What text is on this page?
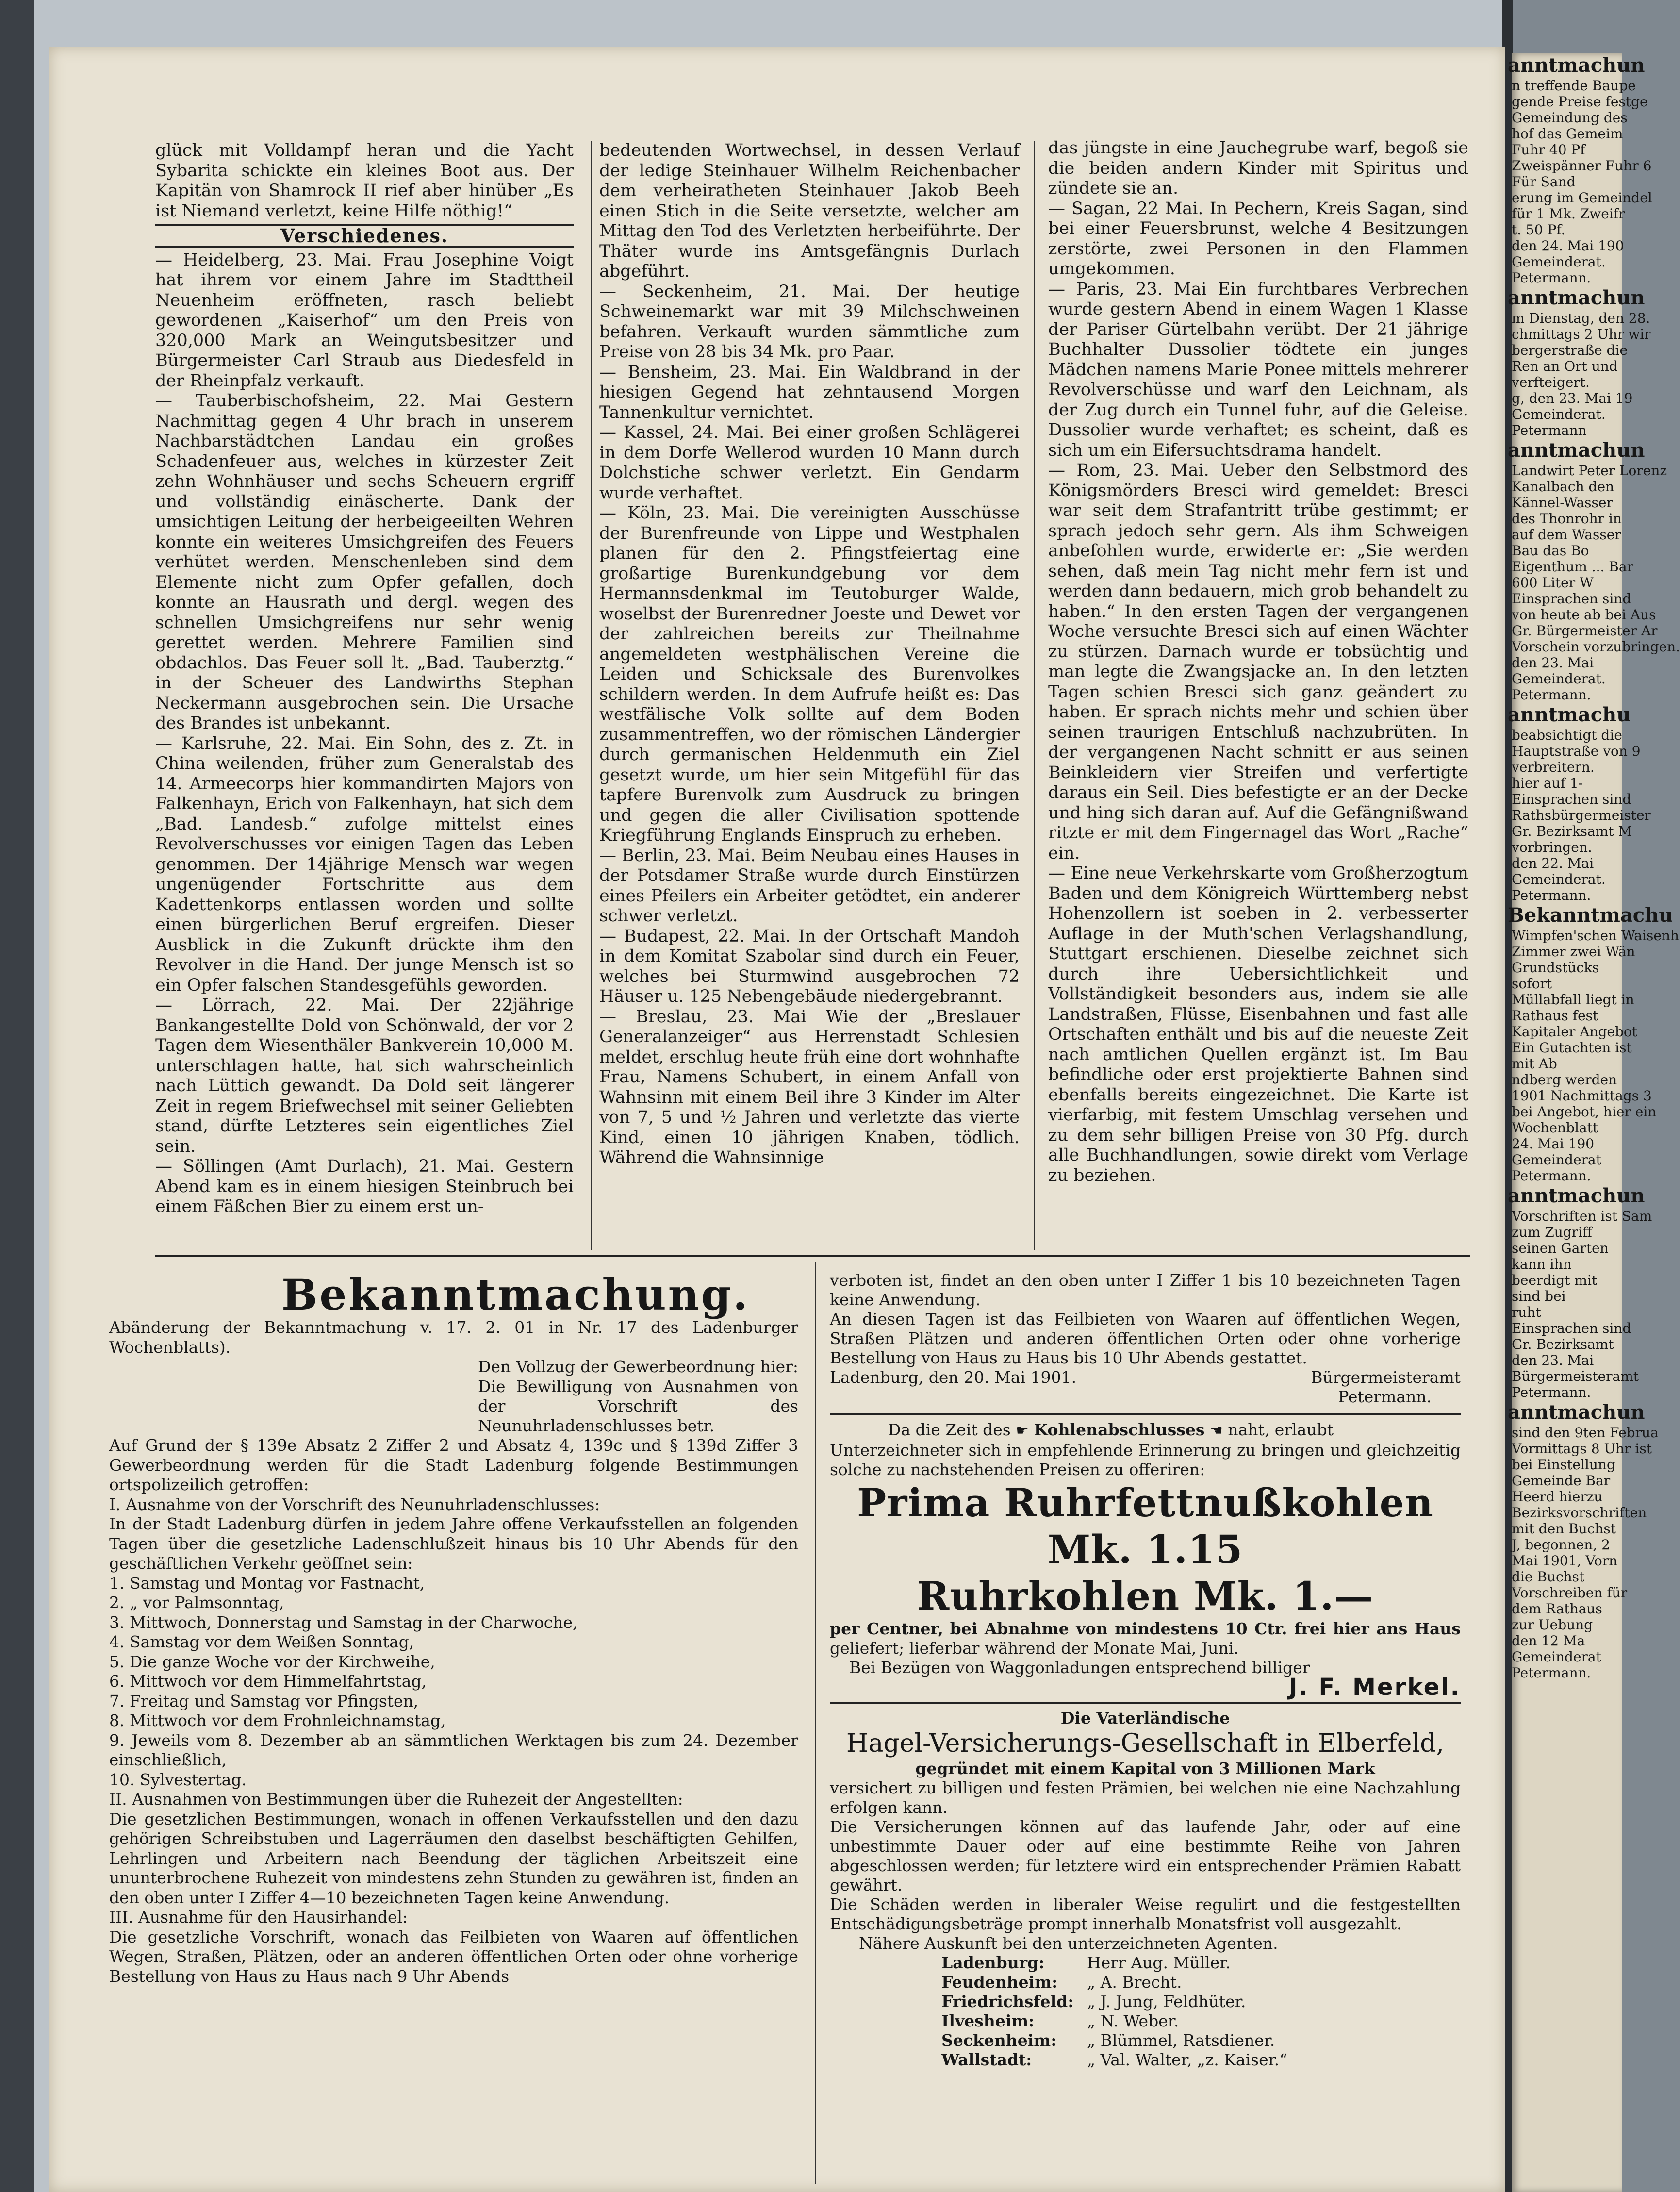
glück mit Volldampf heran und die Yacht Sybarita schickte ein kleines Boot aus. Der Kapitän von Shamrock II rief aber hinüber „Es ist Niemand verletzt, keine Hilfe nöthig!“

Verschiedenes.

— Heidelberg, 23. Mai. Frau Josephine Voigt hat ihrem vor einem Jahre im Stadttheil Neuenheim eröffneten, rasch beliebt gewordenen „Kaiserhof“ um den Preis von 320,000 Mark an Weingutsbesitzer und Bürgermeister Carl Straub aus Diedesfeld in der Rheinpfalz verkauft.

— Tauberbischofsheim, 22. Mai Gestern Nachmittag gegen 4 Uhr brach in unserem Nachbarstädtchen Landau ein großes Schadenfeuer aus, welches in kürzester Zeit zehn Wohnhäuser und sechs Scheuern ergriff und vollständig einäscherte. Dank der umsichtigen Leitung der herbeigeeilten Wehren konnte ein weiteres Umsichgreifen des Feuers verhütet werden. Menschenleben sind dem Elemente nicht zum Opfer gefallen, doch konnte an Hausrath und dergl. wegen des schnellen Umsichgreifens nur sehr wenig gerettet werden. Mehrere Familien sind obdachlos. Das Feuer soll lt. „Bad. Tauberztg.“ in der Scheuer des Landwirths Stephan Neckermann ausgebrochen sein. Die Ursache des Brandes ist unbekannt.

— Karlsruhe, 22. Mai. Ein Sohn, des z. Zt. in China weilenden, früher zum Generalstab des 14. Armeecorps hier kommandirten Majors von Falkenhayn, Erich von Falkenhayn, hat sich dem „Bad. Landesb.“ zufolge mittelst eines Revolverschusses vor einigen Tagen das Leben genommen. Der 14jährige Mensch war wegen ungenügender Fortschritte aus dem Kadettenkorps entlassen worden und sollte einen bürgerlichen Beruf ergreifen. Dieser Ausblick in die Zukunft drückte ihm den Revolver in die Hand. Der junge Mensch ist so ein Opfer falschen Standesgefühls geworden.

— Lörrach, 22. Mai. Der 22jährige Bankangestellte Dold von Schönwald, der vor 2 Tagen dem Wiesenthäler Bankverein 10,000 M. unterschlagen hatte, hat sich wahrscheinlich nach Lüttich gewandt. Da Dold seit längerer Zeit in regem Briefwechsel mit seiner Geliebten stand, dürfte Letzteres sein eigentliches Ziel sein.

— Söllingen (Amt Durlach), 21. Mai. Gestern Abend kam es in einem hiesigen Steinbruch bei einem Fäßchen Bier zu einem erst un-

bedeutenden Wortwechsel, in dessen Verlauf der ledige Steinhauer Wilhelm Reichenbacher dem verheiratheten Steinhauer Jakob Beeh einen Stich in die Seite versetzte, welcher am Mittag den Tod des Verletzten herbeiführte. Der Thäter wurde ins Amtsgefängnis Durlach abgeführt.

— Seckenheim, 21. Mai. Der heutige Schweinemarkt war mit 39 Milchschweinen befahren. Verkauft wurden sämmtliche zum Preise von 28 bis 34 Mk. pro Paar.

— Bensheim, 23. Mai. Ein Waldbrand in der hiesigen Gegend hat zehntausend Morgen Tannenkultur vernichtet.

— Kassel, 24. Mai. Bei einer großen Schlägerei in dem Dorfe Wellerod wurden 10 Mann durch Dolchstiche schwer verletzt. Ein Gendarm wurde verhaftet.

— Köln, 23. Mai. Die vereinigten Ausschüsse der Burenfreunde von Lippe und Westphalen planen für den 2. Pfingstfeiertag eine großartige Burenkundgebung vor dem Hermannsdenkmal im Teutoburger Walde, woselbst der Burenredner Joeste und Dewet vor der zahlreichen bereits zur Theilnahme angemeldeten westphälischen Vereine die Leiden und Schicksale des Burenvolkes schildern werden. In dem Aufrufe heißt es: Das westfälische Volk sollte auf dem Boden zusammentreffen, wo der römischen Ländergier durch germanischen Heldenmuth ein Ziel gesetzt wurde, um hier sein Mitgefühl für das tapfere Burenvolk zum Ausdruck zu bringen und gegen die aller Civilisation spottende Kriegführung Englands Einspruch zu erheben.

— Berlin, 23. Mai. Beim Neubau eines Hauses in der Potsdamer Straße wurde durch Einstürzen eines Pfeilers ein Arbeiter getödtet, ein anderer schwer verletzt.

— Budapest, 22. Mai. In der Ortschaft Mandoh in dem Komitat Szabolar sind durch ein Feuer, welches bei Sturmwind ausgebrochen 72 Häuser u. 125 Nebengebäude niedergebrannt.

— Breslau, 23. Mai Wie der „Breslauer Generalanzeiger“ aus Herrenstadt Schlesien meldet, erschlug heute früh eine dort wohnhafte Frau, Namens Schubert, in einem Anfall von Wahnsinn mit einem Beil ihre 3 Kinder im Alter von 7, 5 und ½ Jahren und verletzte das vierte Kind, einen 10 jährigen Knaben, tödlich. Während die Wahnsinnige

das jüngste in eine Jauchegrube warf, begoß sie die beiden andern Kinder mit Spiritus und zündete sie an.

— Sagan, 22 Mai. In Pechern, Kreis Sagan, sind bei einer Feuersbrunst, welche 4 Besitzungen zerstörte, zwei Personen in den Flammen umgekommen.

— Paris, 23. Mai Ein furchtbares Verbrechen wurde gestern Abend in einem Wagen 1 Klasse der Pariser Gürtelbahn verübt. Der 21 jährige Buchhalter Dussolier tödtete ein junges Mädchen namens Marie Ponee mittels mehrerer Revolverschüsse und warf den Leichnam, als der Zug durch ein Tunnel fuhr, auf die Geleise. Dussolier wurde verhaftet; es scheint, daß es sich um ein Eifersuchtsdrama handelt.

— Rom, 23. Mai. Ueber den Selbstmord des Königsmörders Bresci wird gemeldet: Bresci war seit dem Strafantritt trübe gestimmt; er sprach jedoch sehr gern. Als ihm Schweigen anbefohlen wurde, erwiderte er: „Sie werden sehen, daß mein Tag nicht mehr fern ist und werden dann bedauern, mich grob behandelt zu haben.“ In den ersten Tagen der vergangenen Woche versuchte Bresci sich auf einen Wächter zu stürzen. Darnach wurde er tobsüchtig und man legte die Zwangsjacke an. In den letzten Tagen schien Bresci sich ganz geändert zu haben. Er sprach nichts mehr und schien über seinen traurigen Entschluß nachzubrüten. In der vergangenen Nacht schnitt er aus seinen Beinkleidern vier Streifen und verfertigte daraus ein Seil. Dies befestigte er an der Decke und hing sich daran auf. Auf die Gefängnißwand ritzte er mit dem Fingernagel das Wort „Rache“ ein.

— Eine neue Verkehrskarte vom Großherzogtum Baden und dem Königreich Württemberg nebst Hohenzollern ist soeben in 2. verbesserter Auflage in der Muth'schen Verlagshandlung, Stuttgart erschienen. Dieselbe zeichnet sich durch ihre Uebersichtlichkeit und Vollständigkeit besonders aus, indem sie alle Landstraßen, Flüsse, Eisenbahnen und fast alle Ortschaften enthält und bis auf die neueste Zeit nach amtlichen Quellen ergänzt ist. Im Bau befindliche oder erst projektierte Bahnen sind ebenfalls bereits eingezeichnet. Die Karte ist vierfarbig, mit festem Umschlag versehen und zu dem sehr billigen Preise von 30 Pfg. durch alle Buchhandlungen, sowie direkt vom Verlage zu beziehen.

Bekanntmachung.

Abänderung der Bekanntmachung v. 17. 2. 01 in Nr. 17 des Ladenburger Wochenblatts).

Den Vollzug der Gewerbeordnung hier: Die Bewilligung von Ausnahmen von der Vorschrift des Neunuhrladenschlusses betr.

Auf Grund der § 139e Absatz 2 Ziffer 2 und Absatz 4, 139c und § 139d Ziffer 3 Gewerbeordnung werden für die Stadt Ladenburg folgende Bestimmungen ortspolizeilich getroffen:

I. Ausnahme von der Vorschrift des Neunuhrladenschlusses:

In der Stadt Ladenburg dürfen in jedem Jahre offene Verkaufsstellen an folgenden Tagen über die gesetzliche Ladenschlußzeit hinaus bis 10 Uhr Abends für den geschäftlichen Verkehr geöffnet sein:

1. Samstag und Montag vor Fastnacht,

2. „ vor Palmsonntag,

3. Mittwoch, Donnerstag und Samstag in der Charwoche,

4. Samstag vor dem Weißen Sonntag,

5. Die ganze Woche vor der Kirchweihe,

6. Mittwoch vor dem Himmelfahrtstag,

7. Freitag und Samstag vor Pfingsten,

8. Mittwoch vor dem Frohnleichnamstag,

9. Jeweils vom 8. Dezember ab an sämmtlichen Werktagen bis zum 24. Dezember einschließlich,

10. Sylvestertag.

II. Ausnahmen von Bestimmungen über die Ruhezeit der Angestellten:

Die gesetzlichen Bestimmungen, wonach in offenen Verkaufsstellen und den dazu gehörigen Schreibstuben und Lagerräumen den daselbst beschäftigten Gehilfen, Lehrlingen und Arbeitern nach Beendung der täglichen Arbeitszeit eine ununterbrochene Ruhezeit von mindestens zehn Stunden zu gewähren ist, finden an den oben unter I Ziffer 4—10 bezeichneten Tagen keine Anwendung.

III. Ausnahme für den Hausirhandel:

Die gesetzliche Vorschrift, wonach das Feilbieten von Waaren auf öffentlichen Wegen, Straßen, Plätzen, oder an anderen öffentlichen Orten oder ohne vorherige Bestellung von Haus zu Haus nach 9 Uhr Abends

verboten ist, findet an den oben unter I Ziffer 1 bis 10 bezeichneten Tagen keine Anwendung.

An diesen Tagen ist das Feilbieten von Waaren auf öffentlichen Wegen, Straßen Plätzen und anderen öffentlichen Orten oder ohne vorherige Bestellung von Haus zu Haus bis 10 Uhr Abends gestattet.

Ladenburg, den 20. Mai 1901.	Bürgermeisteramt

Petermann.

Da die Zeit des ☛ Kohlenabschlusses ☚ naht, erlaubt

Unterzeichneter sich in empfehlende Erinnerung zu bringen und gleichzeitig solche zu nachstehenden Preisen zu offeriren:

Prima Ruhrfettnußkohlen Mk. 1.15

Ruhrkohlen Mk. 1.—

per Centner, bei Abnahme von mindestens 10 Ctr. frei hier ans Haus geliefert; lieferbar während der Monate Mai, Juni.

Bei Bezügen von Waggonladungen entsprechend billiger

J. F. Merkel.

Die Vaterländische

Hagel-Versicherungs-Gesellschaft in Elberfeld,

gegründet mit einem Kapital von 3 Millionen Mark

versichert zu billigen und festen Prämien, bei welchen nie eine Nachzahlung erfolgen kann.

Die Versicherungen können auf das laufende Jahr, oder auf eine unbestimmte Dauer oder auf eine bestimmte Reihe von Jahren abgeschlossen werden; für letztere wird ein entsprechender Prämien Rabatt gewährt.

Die Schäden werden in liberaler Weise regulirt und die festgestellten Entschädigungsbeträge prompt innerhalb Monatsfrist voll ausgezahlt.

Nähere Auskunft bei den unterzeichneten Agenten.

Ladenburg:	Herr Aug. Müller.
Feudenheim:	„ A. Brecht.
Friedrichsfeld: „ J. Jung, Feldhüter.
Ilvesheim:	„ N. Weber.
Seckenheim:	„ Blümmel, Ratsdiener.
Wallstadt:	„ Val. Walter, „z. Kaiser.“

anntmachun

n treffende Baupe

gende Preise festge

Gemeindung des

hof das Gemeim

Fuhr 40 Pf

Zweispänner Fuhr 6

Für Sand

erung im Gemeindel

für 1 Mk. Zweifr

t. 50 Pf.

den 24. Mai 190

Gemeinderat.

Petermann.

anntmachun

m Dienstag, den 28.

chmittags 2 Uhr wir

bergerstraße die

Ren an Ort und

verfteigert.

g, den 23. Mai 19

Gemeinderat.

Petermann

anntmachun

Landwirt Peter Lorenz

Kanalbach den

Kännel-Wasser

des Thonrohr in

auf dem Wasser

Bau das Bo

Eigenthum ... Bar

600 Liter W

Einsprachen sind

von heute ab bei Aus

Gr. Bürgermeister Ar

Vorschein vorzubringen.

den 23. Mai

Gemeinderat.

Petermann.

anntmachu

beabsichtigt die

Hauptstraße von 9

verbreitern.

hier auf 1-

Einsprachen sind

Rathsbürgermeister

Gr. Bezirksamt M

vorbringen.

den 22. Mai

Gemeinderat.

Petermann.

Bekanntmachu

Wimpfen'schen Waisenh

Zimmer zwei Wän

Grundstücks

sofort

Müllabfall liegt in

Rathaus fest

Kapitaler Angebot

Ein Gutachten ist

mit Ab

ndberg werden

1901 Nachmittags 3

bei Angebot, hier ein

Wochenblatt

24. Mai 190

Gemeinderat

Petermann.

anntmachun

Vorschriften ist Sam

zum Zugriff

seinen Garten

kann ihn

beerdigt mit

sind bei

ruht

Einsprachen sind

Gr. Bezirksamt

den 23. Mai

Bürgermeisteramt

Petermann.

anntmachun

sind den 9ten Februa

Vormittags 8 Uhr ist

bei Einstellung

Gemeinde Bar

Heerd hierzu

Bezirksvorschriften

mit den Buchst

J, begonnen, 2

Mai 1901, Vorn

die Buchst

Vorschreiben für

dem Rathaus

zur Uebung

den 12 Ma

Gemeinderat

Petermann.
